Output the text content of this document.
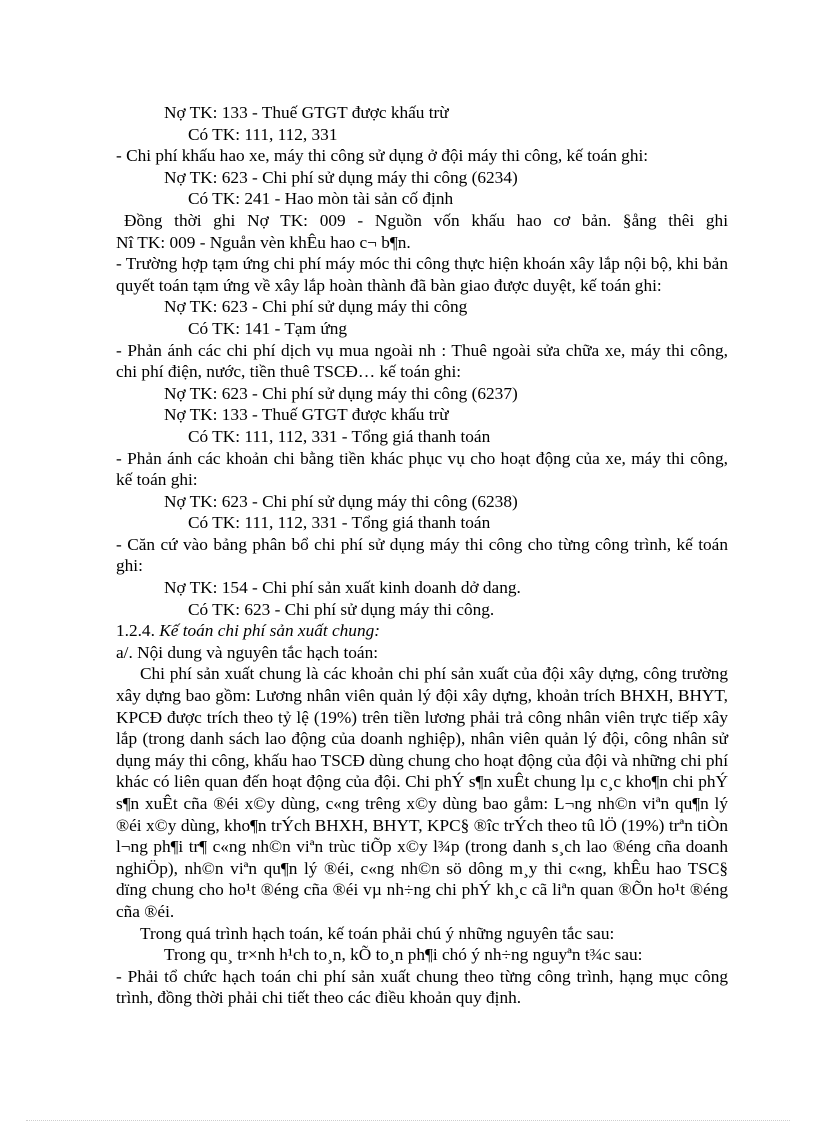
Nợ TK: 133 - Thuế GTGT được khấu trừ

Có TK: 111, 112, 331

- Chi phí khấu hao xe, máy thi công sử dụng ở đội máy thi công, kế toán ghi:

Nợ TK: 623 - Chi phí sử dụng máy thi công (6234)

Có TK: 241 - Hao mòn tài sản cố định

Đồng thời ghi Nợ TK: 009 - Nguồn vốn khấu hao cơ bản. §ång thêi ghi

Nî TK: 009 - Nguån vèn khÊu hao c¬ b¶n.

- Trường hợp tạm ứng chi phí máy móc thi công thực hiện khoán xây lắp nội bộ, khi bản quyết toán tạm ứng về xây lắp hoàn thành đã bàn giao được duyệt, kế toán ghi:

Nợ TK: 623 - Chi phí sử dụng máy thi công

Có TK: 141 - Tạm ứng

- Phản ánh các chi phí dịch vụ mua ngoài nh : Thuê ngoài sửa chữa xe, máy thi công, chi phí điện, nước, tiền thuê TSCĐ… kế toán ghi:

Nợ TK: 623 - Chi phí sử dụng máy thi công (6237)

Nợ TK: 133 - Thuế GTGT được khấu trừ

Có TK: 111, 112, 331 - Tổng giá thanh toán

- Phản ánh các khoản chi bằng tiền khác phục vụ cho hoạt động của xe, máy thi công, kế toán ghi:

Nợ TK: 623 - Chi phí sử dụng máy thi công (6238)

Có TK: 111, 112, 331 - Tổng giá thanh toán

- Căn cứ vào bảng phân bổ chi phí sử dụng máy thi công cho từng công trình, kế toán ghi:

Nợ TK: 154 - Chi phí sản xuất kinh doanh dở dang.

Có TK: 623 - Chi phí sử dụng máy thi công.

1.2.4. Kế toán chi phí sản xuất chung:

a/. Nội dung và nguyên tắc hạch toán:

Chi phí sản xuất chung là các khoản chi phí sản xuất của đội xây dựng, công trường xây dựng bao gồm: Lương nhân viên quản lý đội xây dựng, khoản trích BHXH, BHYT, KPCĐ được trích theo tỷ lệ (19%) trên tiền lương phải trả công nhân viên trực tiếp xây lắp (trong danh sách lao động của doanh nghiệp), nhân viên quản lý đội, công nhân sử dụng máy thi công, khấu hao TSCĐ dùng chung cho hoạt động của đội và những chi phí khác có liên quan đến hoạt động của đội. Chi phÝ s¶n xuÊt chung lµ c¸c kho¶n chi phÝ s¶n xuÊt cña ®éi x©y dùng, c«ng trêng x©y dùng bao gåm: L¬ng nh©n viªn qu¶n lý ®éi x©y dùng, kho¶n trÝch BHXH, BHYT, KPC§ ®îc trÝch theo tû lÖ (19%) trªn tiÒn l¬ng ph¶i tr¶ c«ng nh©n viªn trùc tiÕp x©y l¾p (trong danh s¸ch lao ®éng cña doanh nghiÖp), nh©n viªn qu¶n lý ®éi, c«ng nh©n sö dông m¸y thi c«ng, khÊu hao TSC§ dïng chung cho ho¹t ®éng cña ®éi vµ nh÷ng chi phÝ kh¸c cã liªn quan ®Õn ho¹t ®éng cña ®éi.

Trong quá trình hạch toán, kế toán phải chú ý những nguyên tắc sau:

Trong qu¸ tr×nh h¹ch to¸n, kÕ to¸n ph¶i chó ý nh÷ng nguyªn t¾c sau:

- Phải tổ chức hạch toán chi phí sản xuất chung theo từng công trình, hạng mục công trình, đồng thời phải chi tiết theo các điều khoản quy định.
